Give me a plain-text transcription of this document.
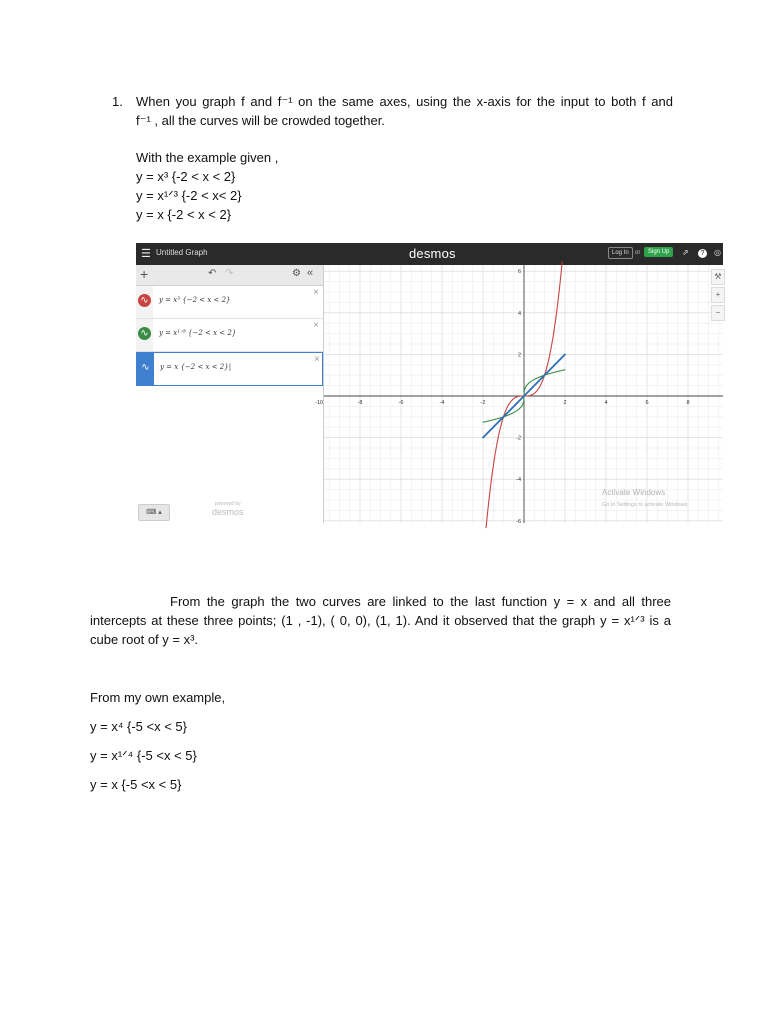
1. When you graph f and f⁻¹ on the same axes, using the x-axis for the input to both f and
f⁻¹ , all the curves will be crowded together.
With the example given ,
y = x³ {-2 < x < 2}
y = x¹ᐟ³ {-2 < x< 2}
y = x {-2 < x < 2}
☰ Untitled Graph	desmos	Log In	or	Sign Up	⇗	?	◎
+	↶ ↷	⚙ «
∿	y = x³ {−2 < x < 2}
×
∿	y = x¹ᐟ³ {−2 < x < 2}
×
∿	y = x {−2 < x < 2}|
×
⌨ ▴
powered by
desmos
-10	-8	-6	-4	-2	2	4	6	8
-6
-4
-2
2
4
6
Activate Windows
Go to Settings to activate Windows.
⚒
+
−
From the graph the two curves are linked to the last function y = x and all three
intercepts at these three points; (1 , -1), ( 0, 0), (1, 1). And it observed that the graph y = x¹ᐟ³ is a
cube root of y = x³.
From my own example,
y = x⁴ {-5 <x < 5}
y = x¹ᐟ⁴ {-5 <x < 5}
y = x {-5 <x < 5}
